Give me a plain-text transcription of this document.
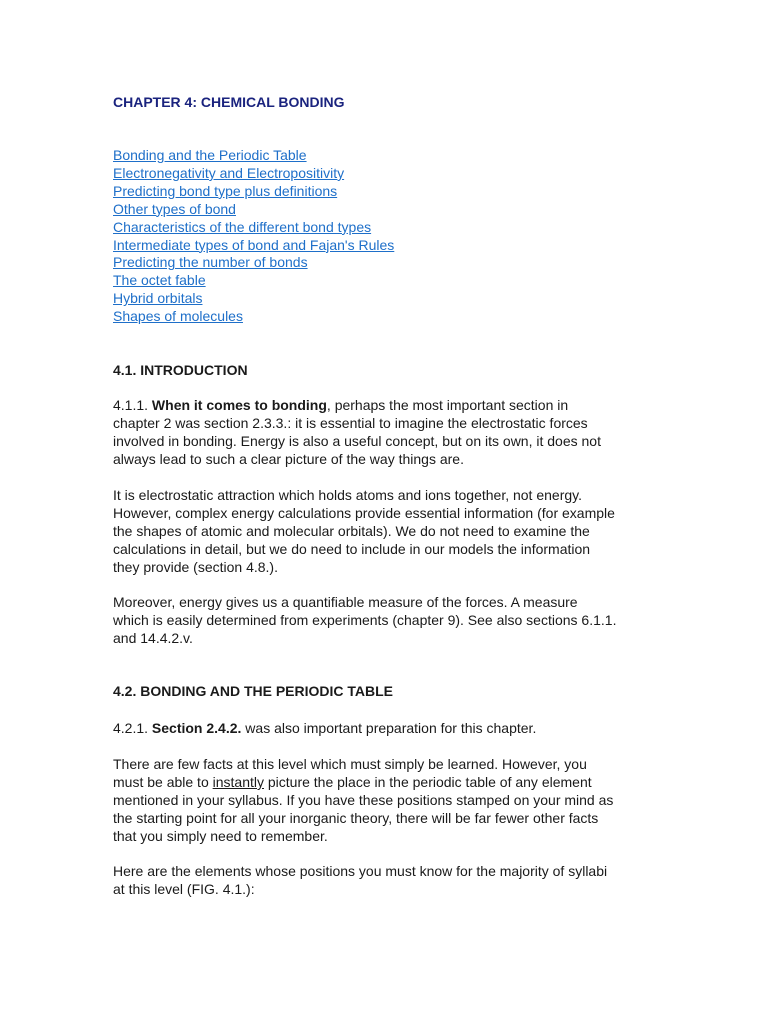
CHAPTER 4: CHEMICAL BONDING
Bonding and the Periodic Table
Electronegativity and Electropositivity
Predicting bond type plus definitions
Other types of bond
Characteristics of the different bond types
Intermediate types of bond and Fajan's Rules
Predicting the number of bonds
The octet fable
Hybrid orbitals
Shapes of molecules
4.1. INTRODUCTION
4.1.1. When it comes to bonding, perhaps the most important section in
chapter 2 was section 2.3.3.: it is essential to imagine the electrostatic forces
involved in bonding. Energy is also a useful concept, but on its own, it does not
always lead to such a clear picture of the way things are.
It is electrostatic attraction which holds atoms and ions together, not energy.
However, complex energy calculations provide essential information (for example
the shapes of atomic and molecular orbitals). We do not need to examine the
calculations in detail, but we do need to include in our models the information
they provide (section 4.8.).
Moreover, energy gives us a quantifiable measure of the forces. A measure
which is easily determined from experiments (chapter 9). See also sections 6.1.1.
and 14.4.2.v.
4.2. BONDING AND THE PERIODIC TABLE
4.2.1. Section 2.4.2. was also important preparation for this chapter.
There are few facts at this level which must simply be learned. However, you
must be able to instantly picture the place in the periodic table of any element
mentioned in your syllabus. If you have these positions stamped on your mind as
the starting point for all your inorganic theory, there will be far fewer other facts
that you simply need to remember.
Here are the elements whose positions you must know for the majority of syllabi
at this level (FIG. 4.1.):
